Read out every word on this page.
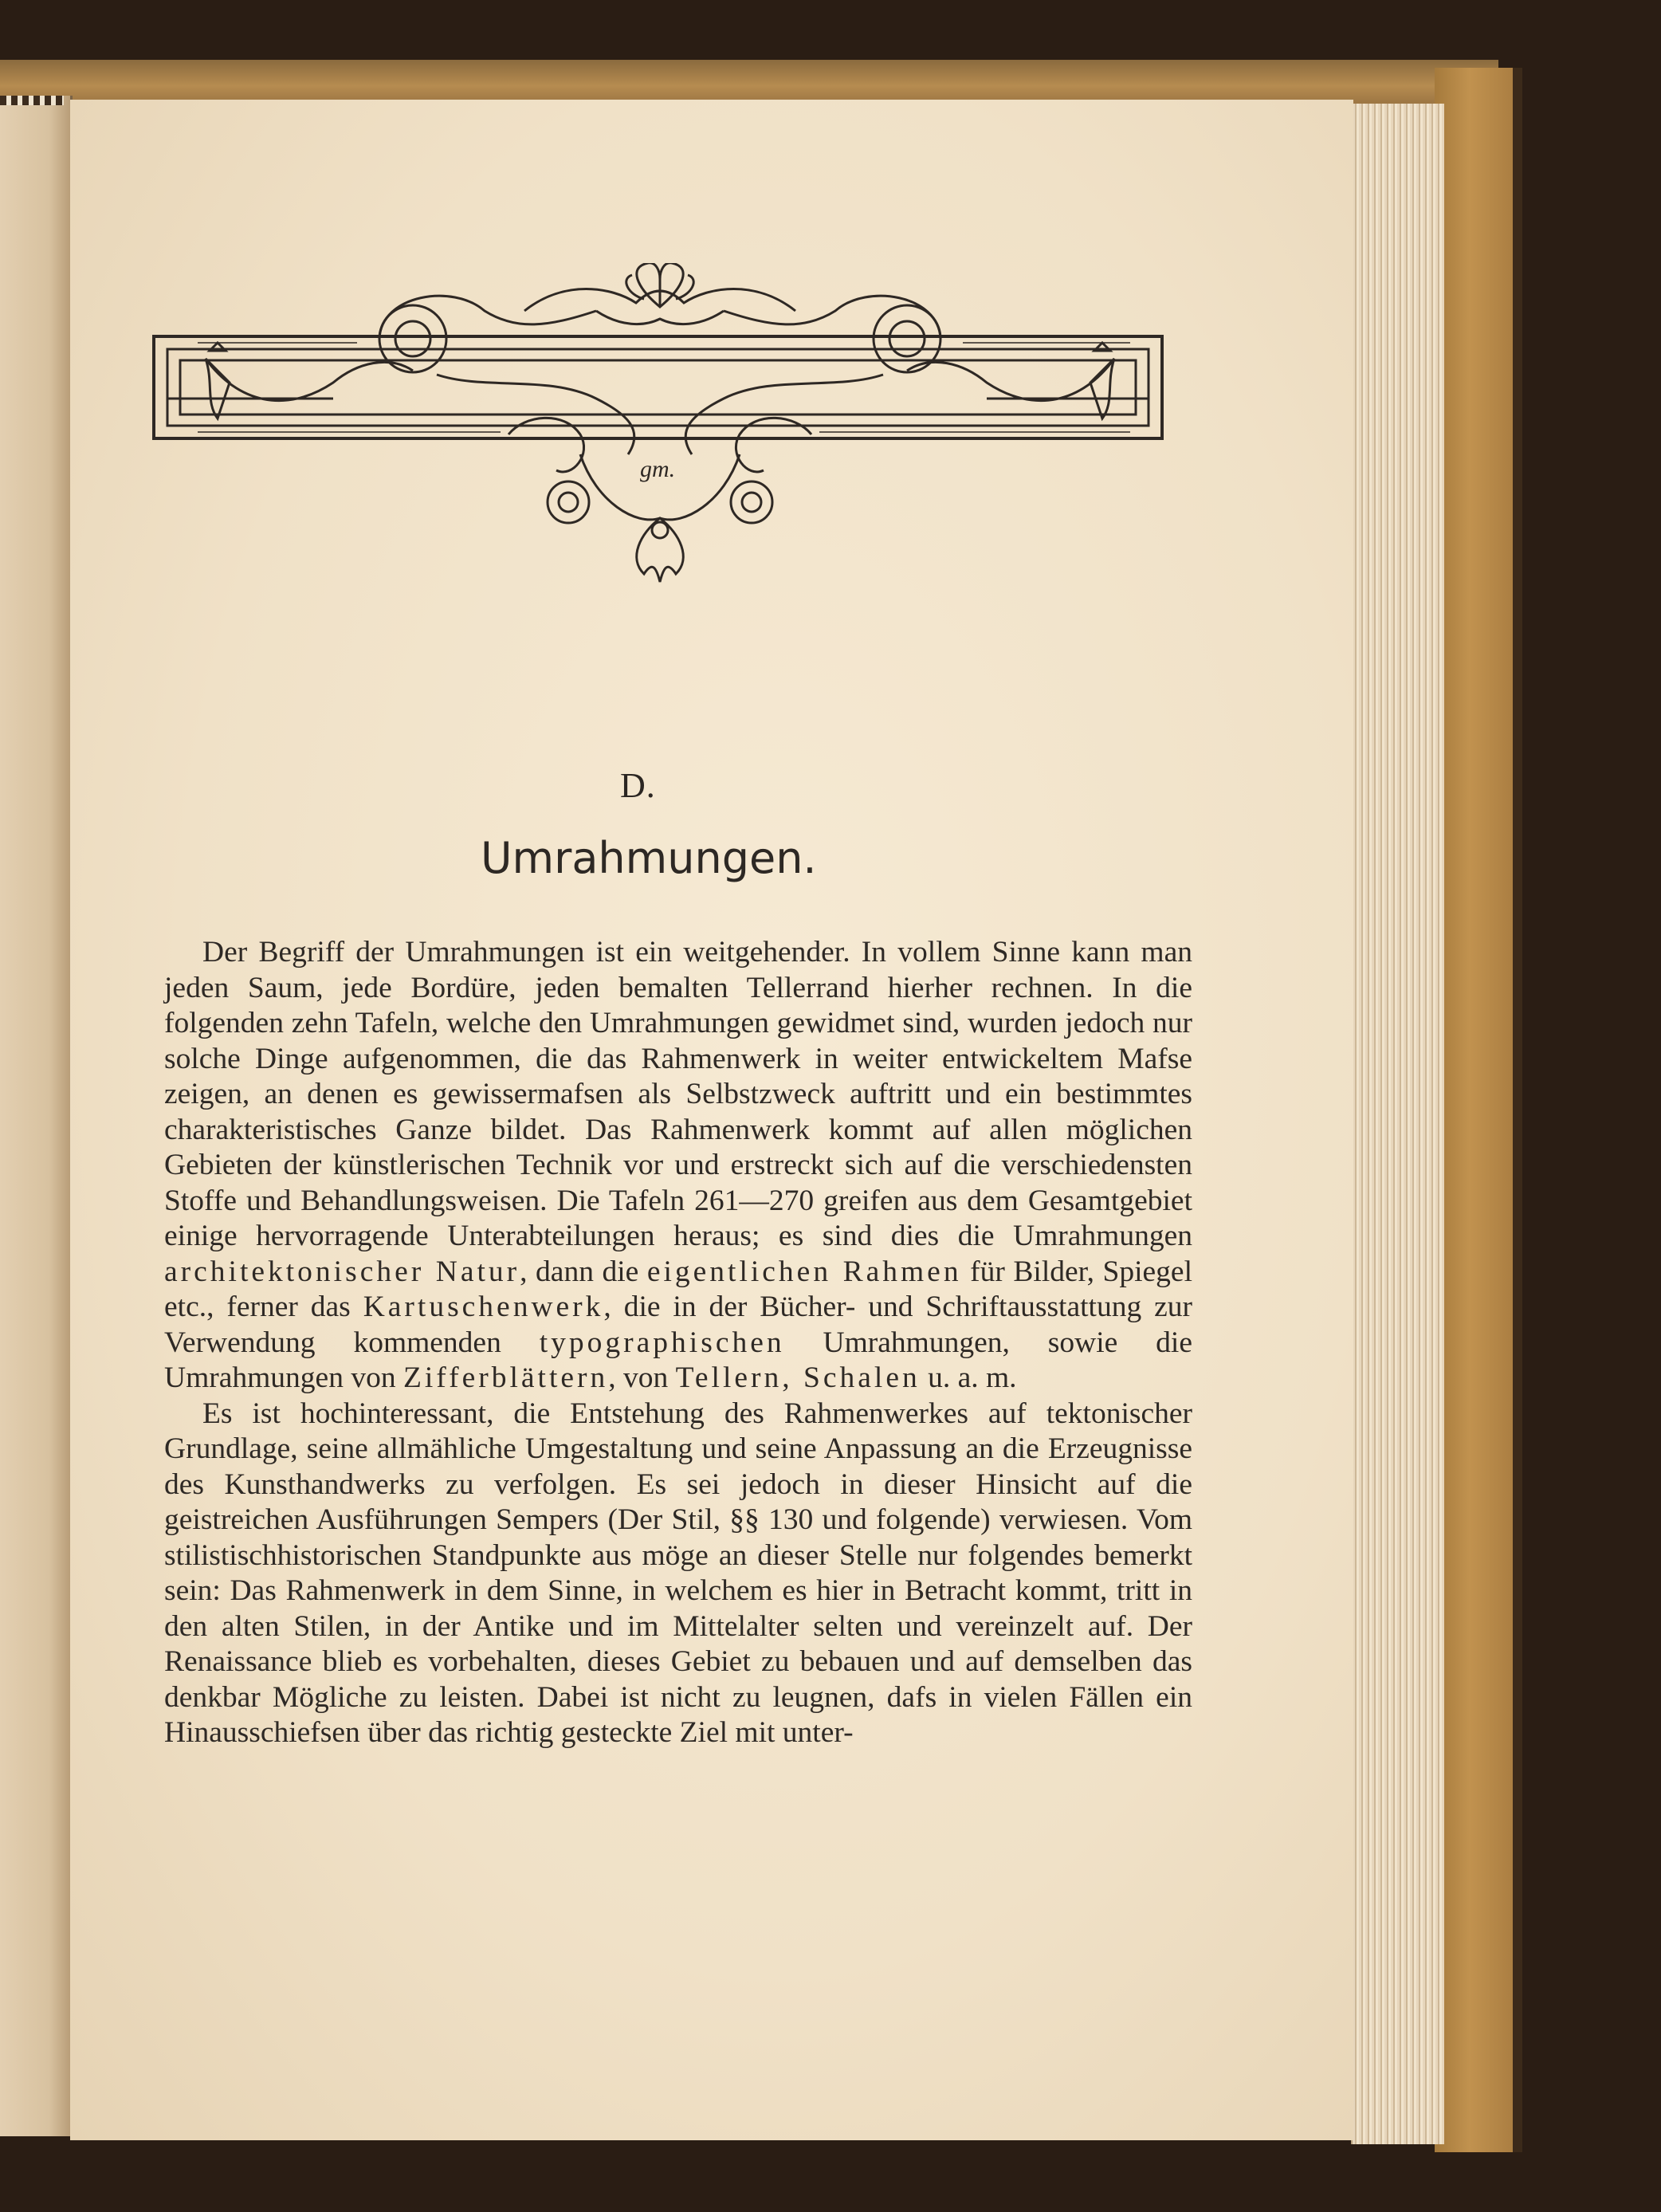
gm.
D.
Umrahmungen.

Der Begriff der Umrahmungen ist ein weitgehender. In vollem Sinne kann man jeden Saum, jede Bordüre, jeden bemalten Tellerrand hierher rechnen. In die folgenden zehn Tafeln, welche den Umrahmungen gewidmet sind, wurden jedoch nur solche Dinge aufgenommen, die das Rahmenwerk in weiter entwickeltem Mafse zeigen, an denen es gewissermafsen als Selbstzweck auftritt und ein bestimmtes charakteristisches Ganze bildet. Das Rahmenwerk kommt auf allen möglichen Gebieten der künstlerischen Technik vor und erstreckt sich auf die verschiedensten Stoffe und Behandlungsweisen. Die Tafeln 261—270 greifen aus dem Gesamtgebiet einige hervorragende Unterabteilungen heraus; es sind dies die Umrahmungen architektonischer Natur, dann die eigentlichen Rahmen für Bilder, Spiegel etc., ferner das Kartuschenwerk, die in der Bücher- und Schriftausstattung zur Verwendung kommenden typographischen Umrahmungen, sowie die Umrahmungen von Zifferblättern, von Tellern, Schalen u. a. m.

Es ist hochinteressant, die Entstehung des Rahmenwerkes auf tektonischer Grundlage, seine allmähliche Umgestaltung und seine Anpassung an die Erzeugnisse des Kunsthandwerks zu verfolgen. Es sei jedoch in dieser Hinsicht auf die geistreichen Ausführungen Sempers (Der Stil, §§ 130 und folgende) verwiesen. Vom stilistischhistorischen Standpunkte aus möge an dieser Stelle nur folgendes bemerkt sein: Das Rahmenwerk in dem Sinne, in welchem es hier in Betracht kommt, tritt in den alten Stilen, in der Antike und im Mittelalter selten und vereinzelt auf. Der Renaissance blieb es vorbehalten, dieses Gebiet zu bebauen und auf demselben das denkbar Mögliche zu leisten. Dabei ist nicht zu leugnen, dafs in vielen Fällen ein Hinausschiefsen über das richtig gesteckte Ziel mit unter-
